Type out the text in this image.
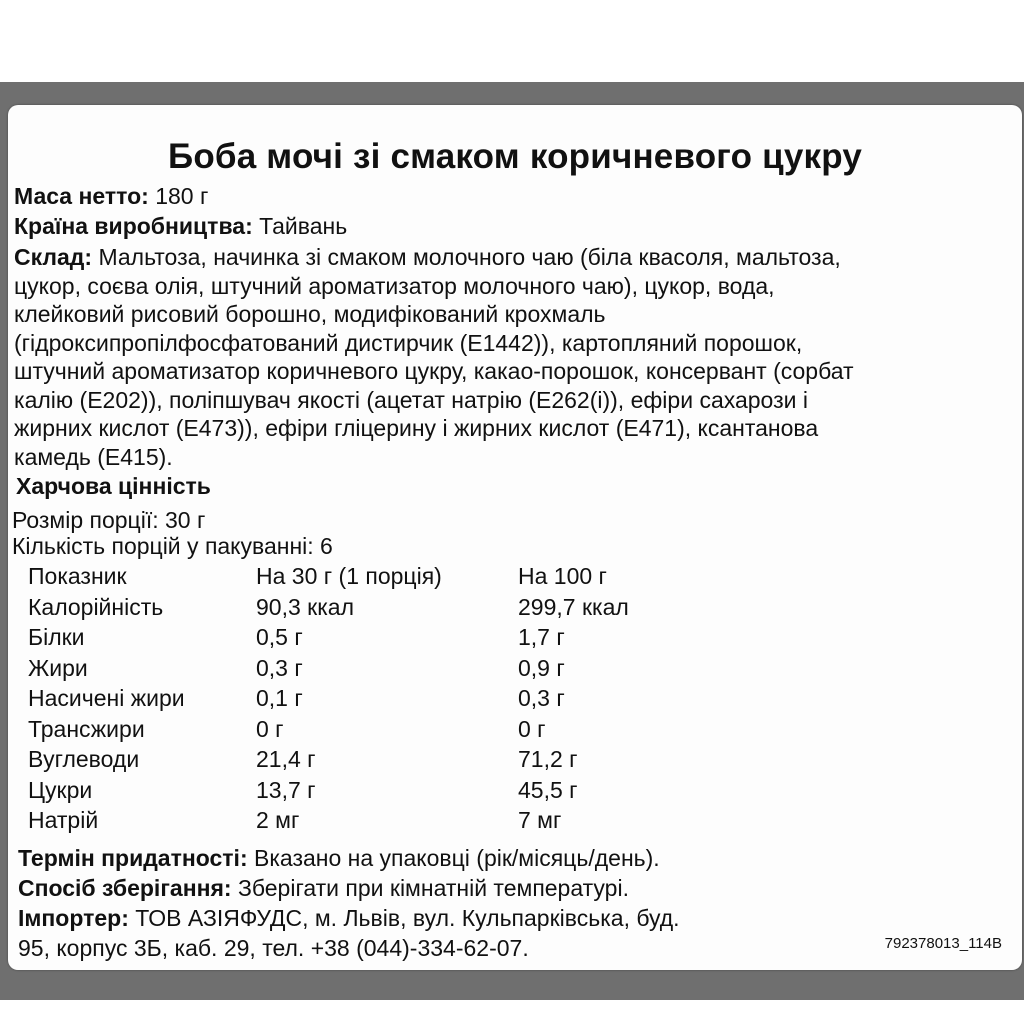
Боба мочі зі смаком коричневого цукру
Маса нетто: 180 г
Країна виробництва: Тайвань
Склад: Мальтоза, начинка зі смаком молочного чаю (біла квасоля, мальтоза,
цукор, соєва олія, штучний ароматизатор молочного чаю), цукор, вода,
клейковий рисовий борошно, модифікований крохмаль
(гідроксипропілфосфатований дистирчик (E1442)), картопляний порошок,
штучний ароматизатор коричневого цукру, какао-порошок, консервант (сорбат
калію (E202)), поліпшувач якості (ацетат натрію (E262(i)), ефіри сахарози і
жирних кислот (E473)), ефіри гліцерину і жирних кислот (E471), ксантанова
камедь (E415).
Харчова цінність
Розмір порції: 30 г
Кількість порцій у пакуванні: 6
Показник	На 30 г (1 порція)	На 100 г
Калорійність	90,3 ккал	299,7 ккал
Білки	0,5 г	1,7 г
Жири	0,3 г	0,9 г
Насичені жири	0,1 г	0,3 г
Трансжири	0 г	0 г
Вуглеводи	21,4 г	71,2 г
Цукри	13,7 г	45,5 г
Натрій	2 мг	7 мг
Термін придатності: Вказано на упаковці (рік/місяць/день).
Спосіб зберігання: Зберігати при кімнатній температурі.
Імпортер: ТОВ АЗІЯФУДС, м. Львів, вул. Кульпарківська, буд.
95, корпус 3Б, каб. 29, тел. +38 (044)-334-62-07.	792378013_114B
